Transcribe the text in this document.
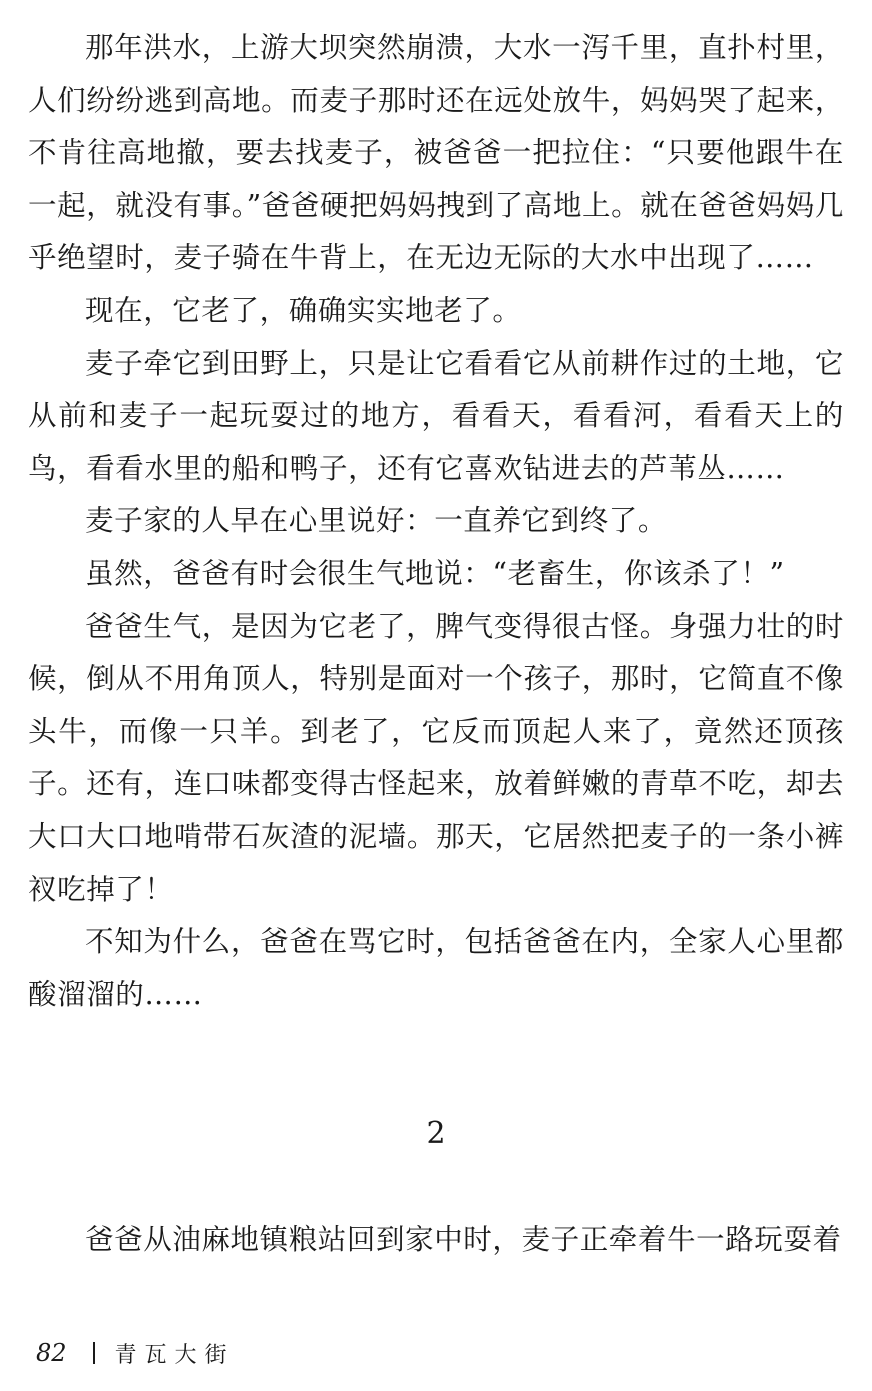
那年洪水，上游大坝突然崩溃，大水一泻千里，直扑村里，人们纷纷逃到高地。而麦子那时还在远处放牛，妈妈哭了起来，不肯往高地撤，要去找麦子，被爸爸一把拉住：“只要他跟牛在一起，就没有事。”爸爸硬把妈妈拽到了高地上。就在爸爸妈妈几乎绝望时，麦子骑在牛背上，在无边无际的大水中出现了……

现在，它老了，确确实实地老了。

麦子牵它到田野上，只是让它看看它从前耕作过的土地，它从前和麦子一起玩耍过的地方，看看天，看看河，看看天上的鸟，看看水里的船和鸭子，还有它喜欢钻进去的芦苇丛……

麦子家的人早在心里说好：一直养它到终了。

虽然，爸爸有时会很生气地说：“老畜生，你该杀了！”

爸爸生气，是因为它老了，脾气变得很古怪。身强力壮的时候，倒从不用角顶人，特别是面对一个孩子，那时，它简直不像头牛，而像一只羊。到老了，它反而顶起人来了，竟然还顶孩子。还有，连口味都变得古怪起来，放着鲜嫩的青草不吃，却去大口大口地啃带石灰渣的泥墙。那天，它居然把麦子的一条小裤衩吃掉了！

不知为什么，爸爸在骂它时，包括爸爸在内，全家人心里都酸溜溜的……

2

爸爸从油麻地镇粮站回到家中时，麦子正牵着牛一路玩耍着

82 青瓦大街
